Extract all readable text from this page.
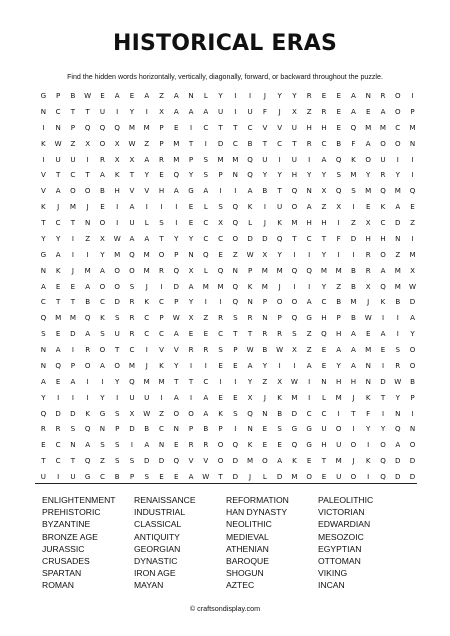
HISTORICAL ERAS

Find the hidden words horizontally, vertically, diagonally, forward, or backward throughout the puzzle.

G	P	B	W	E	A	E	A	Z	A	N	L	Y	I	I	J	Y	Y	R	E	E	A	N	R	O	I
N	C	T	T	U	I	Y	I	X	A	A	A	U	I	U	F	J	X	Z	R	E	A	E	A	O	P
I	N	P	Q	Q	Q	M	M	P	E	I	C	T	T	C	V	V	U	H	H	E	Q	M	M	C	M
K	W	Z	X	O	X	W	Z	P	M	T	I	D	C	B	T	C	T	R	C	B	F	A	O	O	N
I	U	U	I	R	X	X	A	R	M	P	S	M	M	Q	U	I	U	I	A	Q	K	O	U	I	I
V	T	C	T	A	K	T	Y	E	Q	Y	S	P	N	Q	Y	Y	H	Y	Y	S	M	Y	R	Y	I
V	A	O	O	B	H	V	V	H	A	G	A	I	I	A	B	T	Q	N	X	Q	S	M	Q	M	Q
K	J	M	J	E	I	A	I	I	I	E	L	S	Q	K	I	U	O	A	Z	X	I	E	K	A	E
T	C	T	N	O	I	U	L	S	I	E	C	X	Q	L	J	K	M	H	H	I	Z	X	C	D	Z
Y	Y	I	Z	X	W	A	A	T	Y	Y	C	C	O	D	D	Q	T	C	T	F	D	H	H	N	I
G	A	I	I	Y	M	Q	M	O	P	N	Q	E	Z	W	X	Y	I	I	Y	I	I	R	O	Z	M
N	K	J	M	A	O	O	M	R	Q	X	L	Q	N	P	M	M	Q	Q	M	M	B	R	A	M	X
A	E	E	A	O	O	S	J	I	D	A	M	M	Q	K	M	J	I	I	Y	Z	B	X	Q	M	W
C	T	T	B	C	D	R	K	C	P	Y	I	I	Q	N	P	O	O	A	C	B	M	J	K	B	D
Q	M	M	Q	K	S	R	C	P	W	X	Z	R	S	R	N	P	Q	G	H	P	B	W	I	I	A
S	E	D	A	S	U	R	C	C	A	E	E	C	T	T	R	R	S	Z	Q	H	A	E	A	I	Y
N	A	I	R	O	T	C	I	V	V	R	R	S	P	W	B	W	X	Z	E	A	A	M	E	S	O
N	Q	P	O	A	O	M	J	K	Y	I	I	E	E	A	Y	I	I	A	E	Y	A	N	I	R	O
A	E	A	I	I	Y	Q	M	M	T	T	C	I	I	Y	Z	X	W	I	N	H	H	N	D	W	B
Y	I	I	I	Y	I	U	U	I	A	I	A	E	E	X	J	K	M	I	L	M	J	K	T	Y	P
Q	D	D	K	G	S	X	W	Z	O	O	A	K	S	Q	N	B	D	C	C	I	T	F	I	N	I
R	R	S	Q	N	P	D	B	C	N	P	B	P	I	N	E	S	G	G	U	O	I	Y	Y	Q	N
E	C	N	A	S	S	I	A	N	E	R	R	O	Q	K	E	E	Q	G	H	U	O	I	O	A	O
T	C	T	Q	Z	S	S	D	D	Q	V	V	O	D	M	O	A	K	E	T	M	J	K	Q	D	D
U	I	U	G	C	B	P	S	E	E	A	W	T	D	J	L	D	M	O	E	U	O	I	Q	D	D
ENLIGHTENMENT	RENAISSANCE	REFORMATION	PALEOLITHIC
PREHISTORIC	INDUSTRIAL	HAN DYNASTY	VICTORIAN
BYZANTINE	CLASSICAL	NEOLITHIC	EDWARDIAN
BRONZE AGE	ANTIQUITY	MEDIEVAL	MESOZOIC
JURASSIC	GEORGIAN	ATHENIAN	EGYPTIAN
CRUSADES	DYNASTIC	BAROQUE	OTTOMAN
SPARTAN	IRON AGE	SHOGUN	VIKING
ROMAN	MAYAN	AZTEC	INCAN
© craftsondisplay.com
